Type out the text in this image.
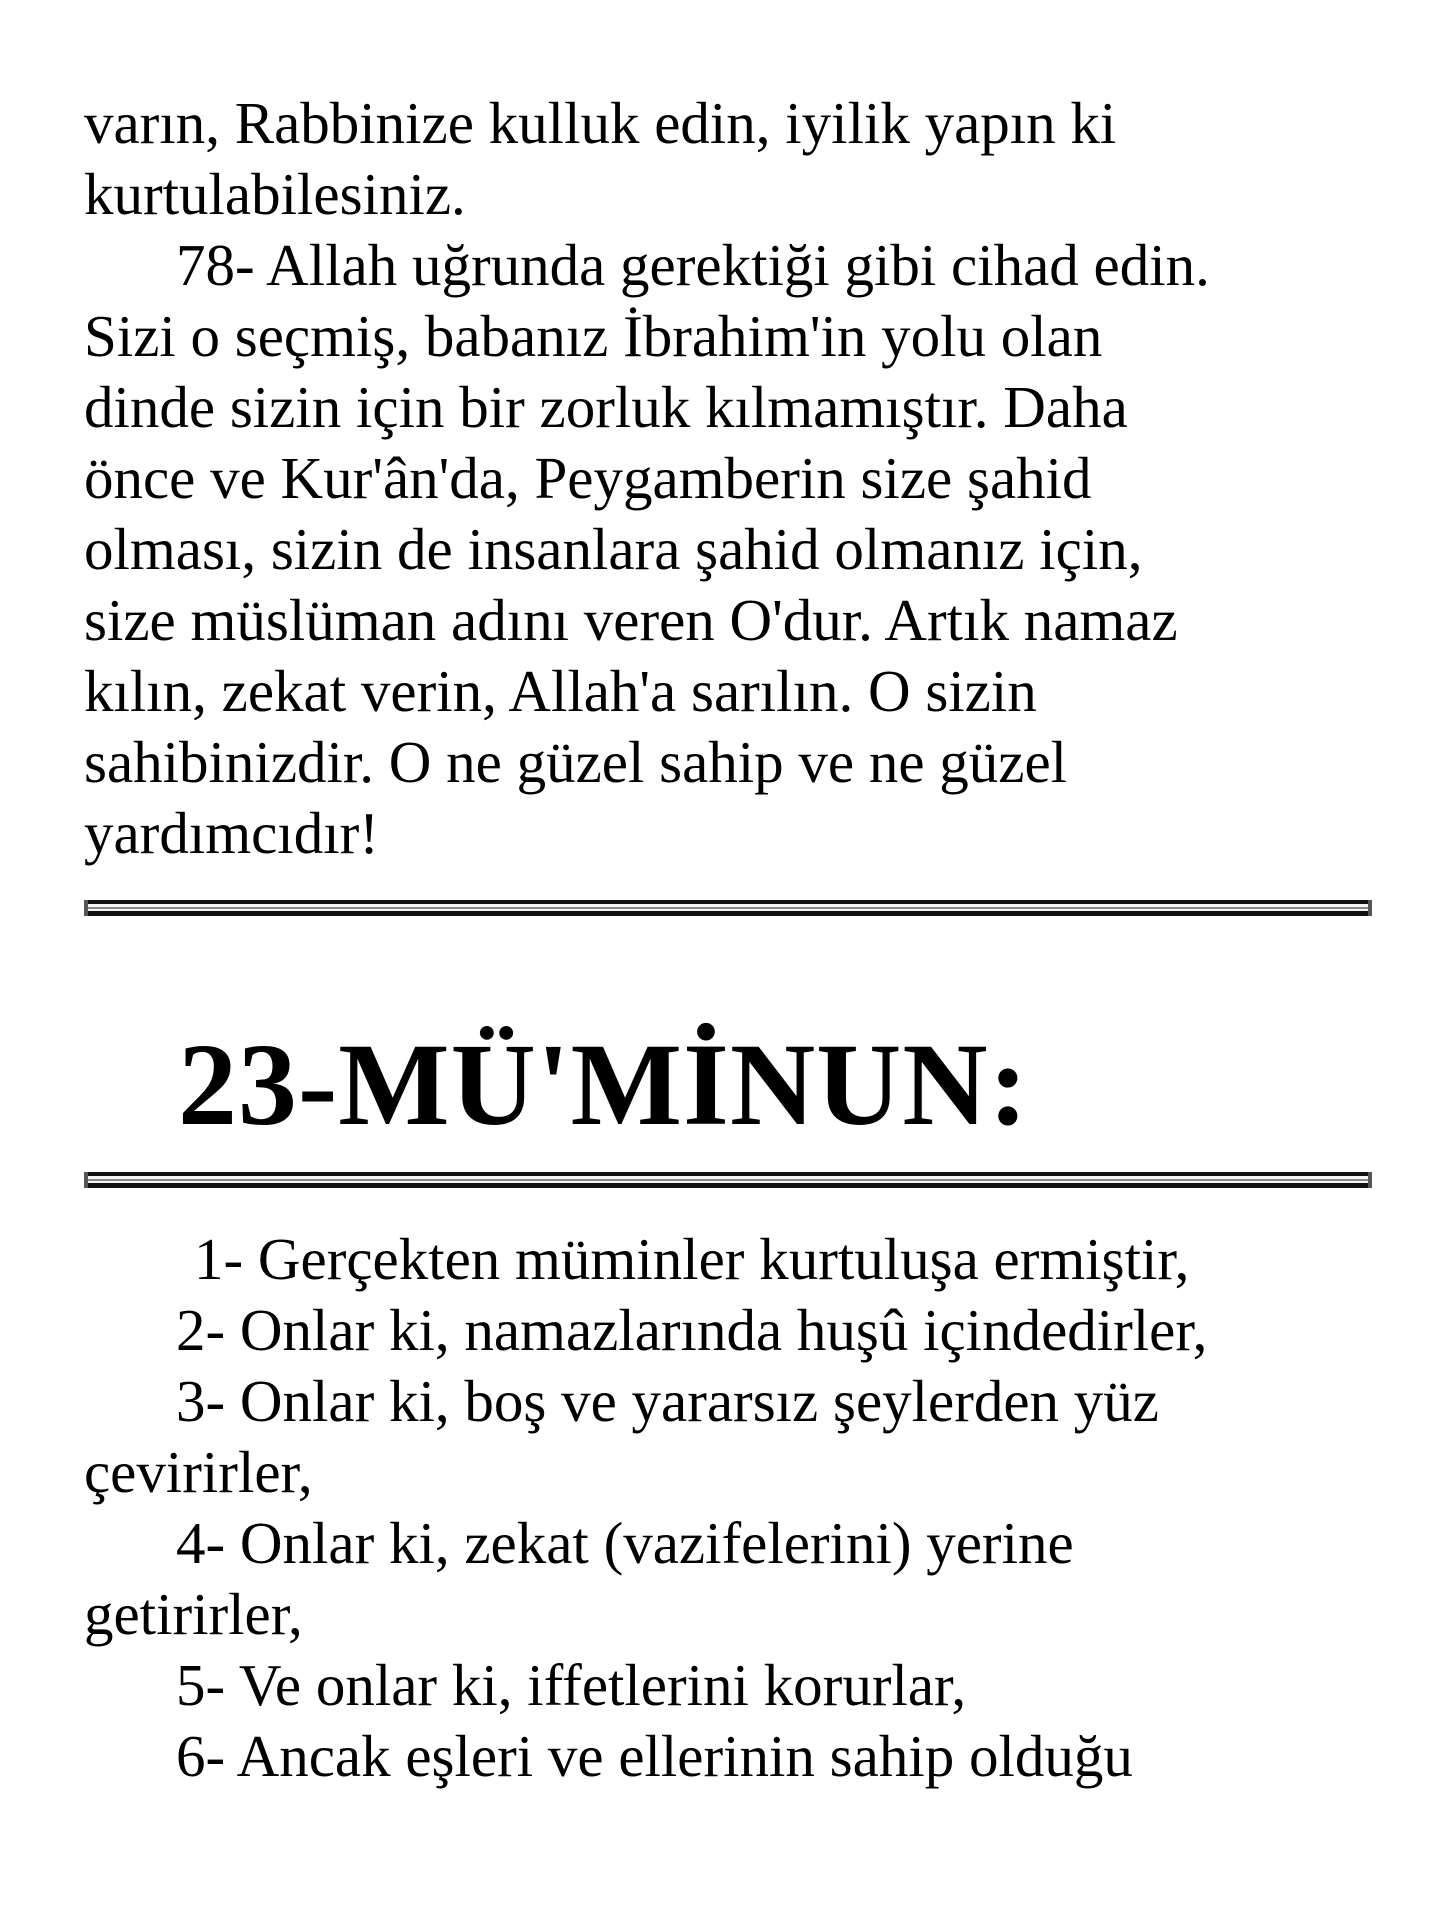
varın, Rabbinize kulluk edin, iyilik yapın ki
kurtulabilesiniz.
78- Allah uğrunda gerektiği gibi cihad edin.
Sizi o seçmiş, babanız İbrahim'in yolu olan
dinde sizin için bir zorluk kılmamıştır. Daha
önce ve Kur'ân'da, Peygamberin size şahid
olması, sizin de insanlara şahid olmanız için,
size müslüman adını veren O'dur. Artık namaz
kılın, zekat verin, Allah'a sarılın. O sizin
sahibinizdir. O ne güzel sahip ve ne güzel
yardımcıdır!
23-MÜ'MİNUN:
1- Gerçekten müminler kurtuluşa ermiştir,
2- Onlar ki, namazlarında huşû içindedirler,
3- Onlar ki, boş ve yararsız şeylerden yüz
çevirirler,
4- Onlar ki, zekat (vazifelerini) yerine
getirirler,
5- Ve onlar ki, iffetlerini korurlar,
6- Ancak eşleri ve ellerinin sahip olduğu
